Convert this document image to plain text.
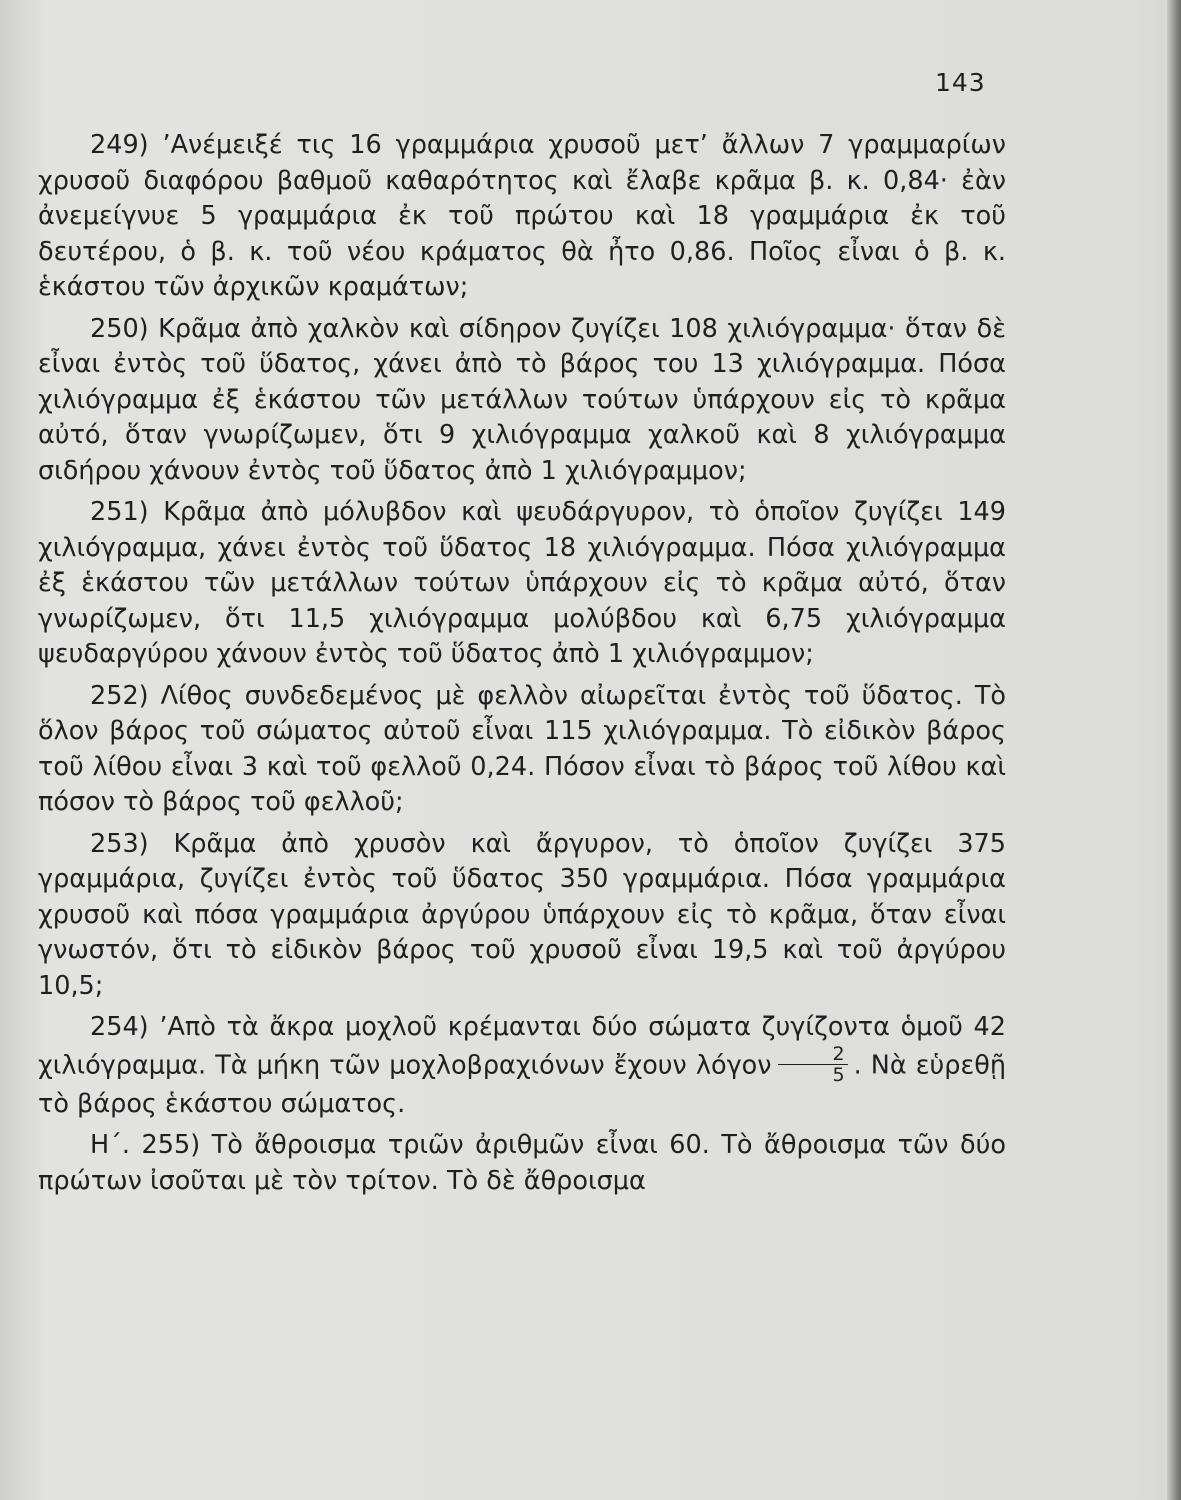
143

249) ’Ανέμειξέ τις 16 γραμμάρια χρυσοῦ μετ’ ἄλλων 7 γραμμαρίων χρυσοῦ διαφόρου βαθμοῦ καθαρότητος καὶ ἔλαβε κρᾶμα β. κ. 0,84· ἐὰν ἀνεμείγνυε 5 γραμμάρια ἐκ τοῦ πρώτου καὶ 18 γραμμάρια ἐκ τοῦ δευτέρου, ὁ β. κ. τοῦ νέου κράματος θὰ ἦτο 0,86. Ποῖος εἶναι ὁ β. κ. ἑκάστου τῶν ἀρχικῶν κραμάτων;

250) Κρᾶμα ἀπὸ χαλκὸν καὶ σίδηρον ζυγίζει 108 χιλιόγραμμα· ὅταν δὲ εἶναι ἐντὸς τοῦ ὕδατος, χάνει ἀπὸ τὸ βάρος του 13 χιλιόγραμμα. Πόσα χιλιόγραμμα ἐξ ἑκάστου τῶν μετάλλων τούτων ὑπάρχουν εἰς τὸ κρᾶμα αὐτό, ὅταν γνωρίζωμεν, ὅτι 9 χιλιόγραμμα χαλκοῦ καὶ 8 χιλιόγραμμα σιδήρου χάνουν ἐντὸς τοῦ ὕδατος ἀπὸ 1 χιλιόγραμμον;

251) Κρᾶμα ἀπὸ μόλυβδον καὶ ψευδάργυρον, τὸ ὁποῖον ζυγίζει 149 χιλιόγραμμα, χάνει ἐντὸς τοῦ ὕδατος 18 χιλιόγραμμα. Πόσα χιλιόγραμμα ἐξ ἑκάστου τῶν μετάλλων τούτων ὑπάρχουν εἰς τὸ κρᾶμα αὐτό, ὅταν γνωρίζωμεν, ὅτι 11,5 χιλιόγραμμα μολύβδου καὶ 6,75 χιλιόγραμμα ψευδαργύρου χάνουν ἐντὸς τοῦ ὕδατος ἀπὸ 1 χιλιόγραμμον;

252) Λίθος συνδεδεμένος μὲ φελλὸν αἰωρεῖται ἐντὸς τοῦ ὕδατος. Τὸ ὅλον βάρος τοῦ σώματος αὐτοῦ εἶναι 115 χιλιόγραμμα. Τὸ εἰδικὸν βάρος τοῦ λίθου εἶναι 3 καὶ τοῦ φελλοῦ 0,24. Πόσον εἶναι τὸ βάρος τοῦ λίθου καὶ πόσον τὸ βάρος τοῦ φελλοῦ;

253) Κρᾶμα ἀπὸ χρυσὸν καὶ ἄργυρον, τὸ ὁποῖον ζυγίζει 375 γραμμάρια, ζυγίζει ἐντὸς τοῦ ὕδατος 350 γραμμάρια. Πόσα γραμμάρια χρυσοῦ καὶ πόσα γραμμάρια ἀργύρου ὑπάρχουν εἰς τὸ κρᾶμα, ὅταν εἶναι γνωστόν, ὅτι τὸ εἰδικὸν βάρος τοῦ χρυσοῦ εἶναι 19,5 καὶ τοῦ ἀργύρου 10,5;

254) ’Απὸ τὰ ἄκρα μοχλοῦ κρέμανται δύο σώματα ζυγίζοντα ὁμοῦ 42 χιλιόγραμμα. Τὰ μήκη τῶν μοχλοβραχιόνων ἔχουν λόγον $\frac{2}{5}$ . Νὰ εὑρεθῇ τὸ βάρος ἑκάστου σώματος.

Η΄. 255) Τὸ ἄθροισμα τριῶν ἀριθμῶν εἶναι 60. Τὸ ἄθροισμα τῶν δύο πρώτων ἰσοῦται μὲ τὸν τρίτον. Τὸ δὲ ἄθροισμα
